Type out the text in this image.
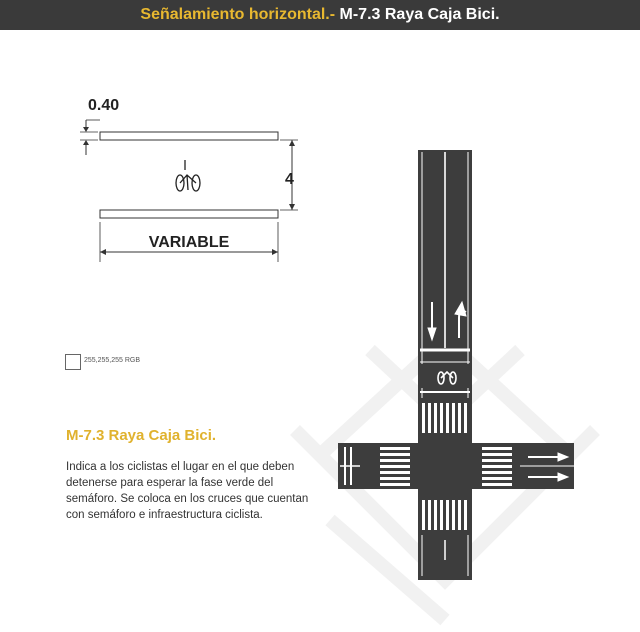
Señalamiento horizontal.- M-7.3 Raya Caja Bici.
0.40
4
VARIABLE
255,255,255 RGB
M-7.3 Raya Caja Bici.
Indica a los ciclistas el lugar en el que deben detenerse para esperar la fase verde del semáforo. Se coloca en los cruces que cuentan con semáforo e infraestructura ciclista.
